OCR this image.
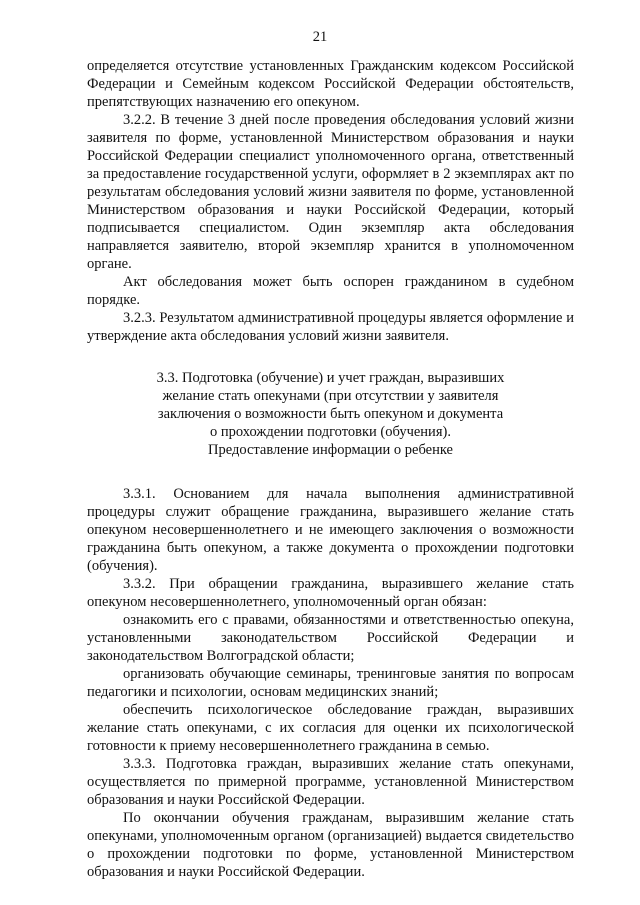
21

определяется отсутствие установленных Гражданским кодексом Российской Федерации и Семейным кодексом Российской Федерации обстоятельств, препятствующих назначению его опекуном.

3.2.2. В течение 3 дней после проведения обследования условий жизни заявителя по форме, установленной Министерством образования и науки Российской Федерации специалист уполномоченного органа, ответственный за предоставление государственной услуги, оформляет в 2 экземплярах акт по результатам обследования условий жизни заявителя по форме, установленной Министерством образования и науки Российской Федерации, который подписывается специалистом. Один экземпляр акта обследования направляется заявителю, второй экземпляр хранится в уполномоченном органе.

Акт обследования может быть оспорен гражданином в судебном порядке.

3.2.3. Результатом административной процедуры является оформление и утверждение акта обследования условий жизни заявителя.

3.3. Подготовка (обучение) и учет граждан, выразивших
желание стать опекунами (при отсутствии у заявителя
заключения о возможности быть опекуном и документа
о прохождении подготовки (обучения).
Предоставление информации о ребенке

3.3.1. Основанием для начала выполнения административной процедуры служит обращение гражданина, выразившего желание стать опекуном несовершеннолетнего и не имеющего заключения о возможности гражданина быть опекуном, а также документа о прохождении подготовки (обучения).

3.3.2. При обращении гражданина, выразившего желание стать опекуном несовершеннолетнего, уполномоченный орган обязан:

ознакомить его с правами, обязанностями и ответственностью опекуна, установленными законодательством Российской Федерации и законодательством Волгоградской области;

организовать обучающие семинары, тренинговые занятия по вопросам педагогики и психологии, основам медицинских знаний;

обеспечить психологическое обследование граждан, выразивших желание стать опекунами, с их согласия для оценки их психологической готовности к приему несовершеннолетнего гражданина в семью.

3.3.3. Подготовка граждан, выразивших желание стать опекунами, осуществляется по примерной программе, установленной Министерством образования и науки Российской Федерации.

По окончании обучения гражданам, выразившим желание стать опекунами, уполномоченным органом (организацией) выдается свидетельство о прохождении подготовки по форме, установленной Министерством образования и науки Российской Федерации.
